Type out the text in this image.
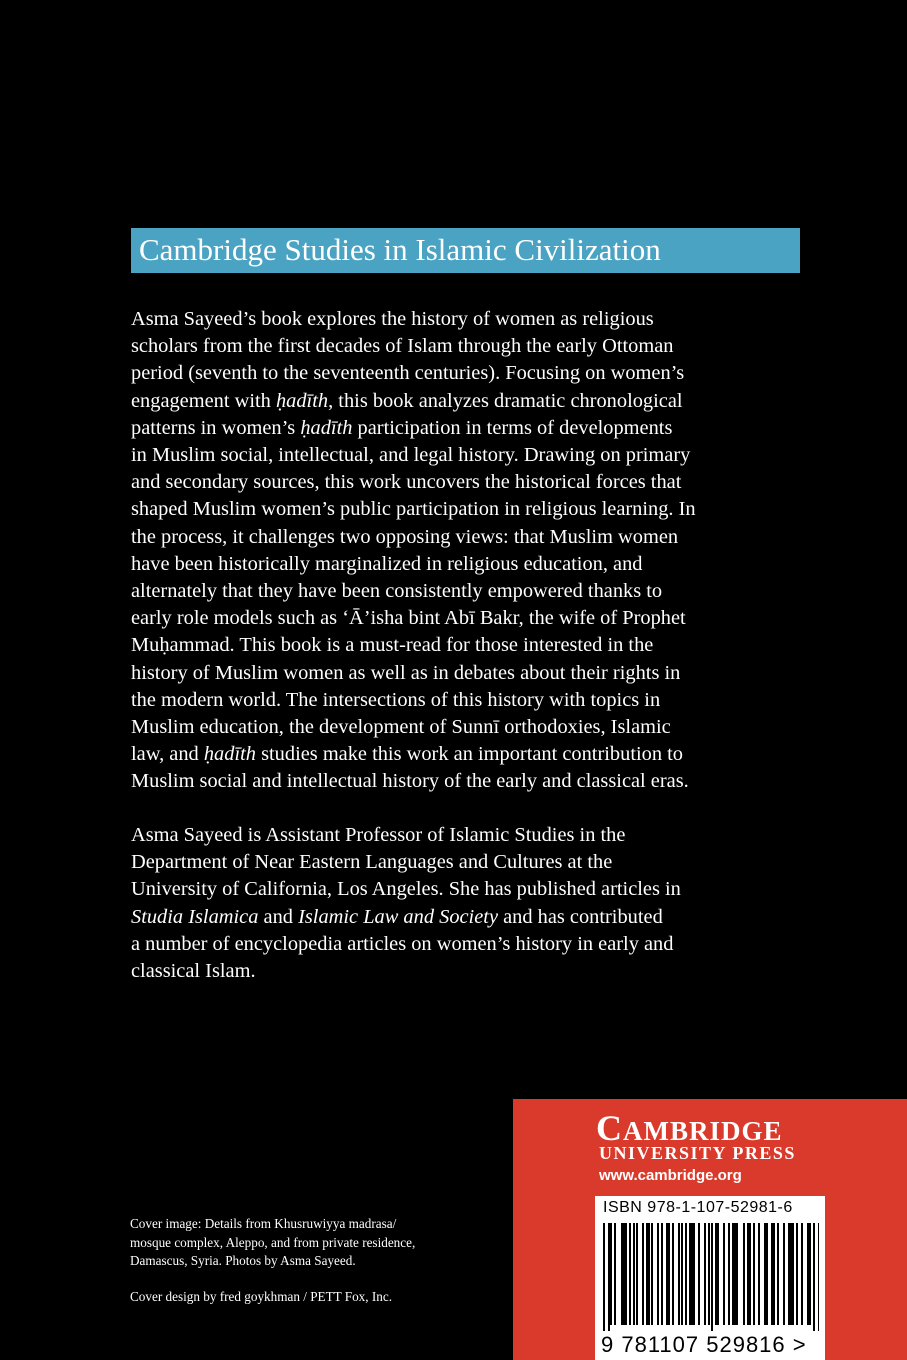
Cambridge Studies in Islamic Civilization
Asma Sayeed’s book explores the history of women as religious
scholars from the first decades of Islam through the early Ottoman
period (seventh to the seventeenth centuries). Focusing on women’s
engagement with ḥadīth, this book analyzes dramatic chronological
patterns in women’s ḥadīth participation in terms of developments
in Muslim social, intellectual, and legal history. Drawing on primary
and secondary sources, this work uncovers the historical forces that
shaped Muslim women’s public participation in religious learning. In
the process, it challenges two opposing views: that Muslim women
have been historically marginalized in religious education, and
alternately that they have been consistently empowered thanks to
early role models such as ‘Ā’isha bint Abī Bakr, the wife of Prophet
Muḥammad. This book is a must-read for those interested in the
history of Muslim women as well as in debates about their rights in
the modern world. The intersections of this history with topics in
Muslim education, the development of Sunnī orthodoxies, Islamic
law, and ḥadīth studies make this work an important contribution to
Muslim social and intellectual history of the early and classical eras.
Asma Sayeed is Assistant Professor of Islamic Studies in the
Department of Near Eastern Languages and Cultures at the
University of California, Los Angeles. She has published articles in
Studia Islamica and Islamic Law and Society and has contributed
a number of encyclopedia articles on women’s history in early and
classical Islam.
Cover image: Details from Khusruwiyya madrasa/
mosque complex, Aleppo, and from private residence,
Damascus, Syria. Photos by Asma Sayeed.
Cover design by fred goykhman / PETT Fox, Inc.
CAMBRIDGE
UNIVERSITY PRESS
www.cambridge.org
ISBN 978-1-107-52981-6
9 781107 529816 >
